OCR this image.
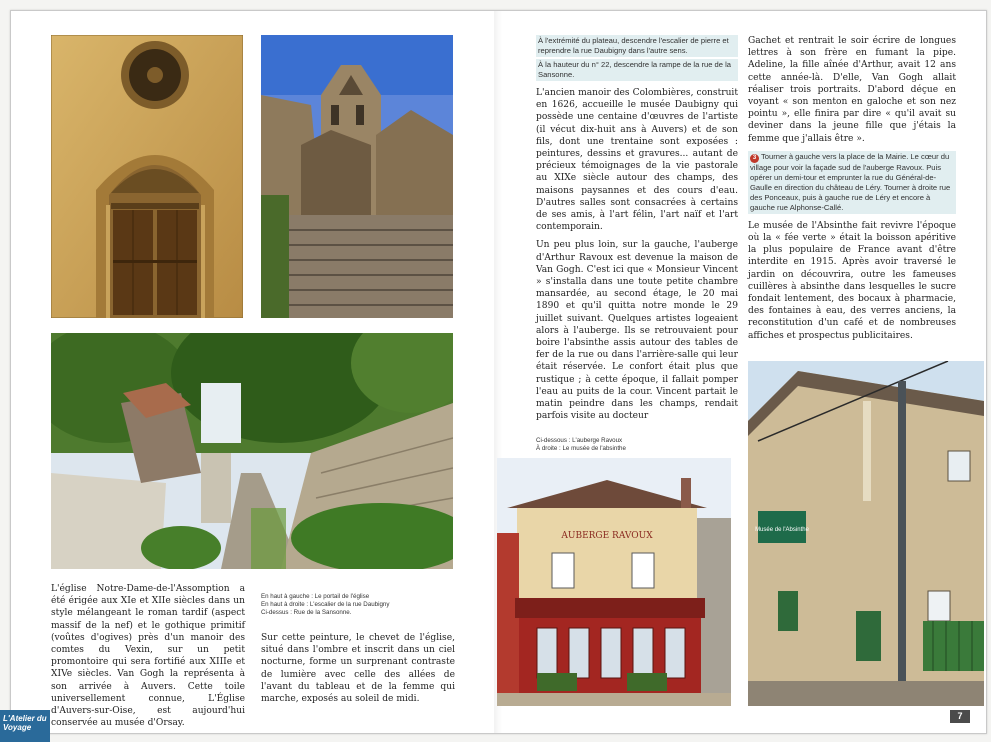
L'église Notre-Dame-de-l'Assomption a été érigée aux XIe et XIIe siècles dans un style mélangeant le roman tardif (aspect massif de la nef) et le gothique primitif (voûtes d'ogives) près d'un manoir des comtes du Vexin, sur un petit promontoire qui sera fortifié aux XIIIe et XIVe siècles. Van Gogh la représenta à son arrivée à Auvers. Cette toile universellement connue, L'Église d'Auvers-sur-Oise, est aujourd'hui conservée au musée d'Orsay.

En haut à gauche : Le portail de l'église
En haut à droite : L'escalier de la rue Daubigny
Ci-dessus : Rue de la Sansonne.

Sur cette peinture, le chevet de l'église, situé dans l'ombre et inscrit dans un ciel nocturne, forme un surprenant contraste de lumière avec celle des allées de l'avant du tableau et de la femme qui marche, exposés au soleil de midi.

À l'extrémité du plateau, descendre l'escalier de pierre et reprendre la rue Daubigny dans l'autre sens.

À la hauteur du n° 22, descendre la rampe de la rue de la Sansonne.

L'ancien manoir des Colombières, construit en 1626, accueille le musée Daubigny qui possède une centaine d'œuvres de l'artiste (il vécut dix-huit ans à Auvers) et de son fils, dont une trentaine sont exposées : peintures, dessins et gravures... autant de précieux témoignages de la vie pastorale au XIXe siècle autour des champs, des maisons paysannes et des cours d'eau. D'autres salles sont consacrées à certains de ses amis, à l'art félin, l'art naïf et l'art contemporain.

Un peu plus loin, sur la gauche, l'auberge d'Arthur Ravoux est devenue la maison de Van Gogh. C'est ici que « Monsieur Vincent » s'installa dans une toute petite chambre mansardée, au second étage, le 20 mai 1890 et qu'il quitta notre monde le 29 juillet suivant. Quelques artistes logeaient alors à l'auberge. Ils se retrouvaient pour boire l'absinthe assis autour des tables de fer de la rue ou dans l'arrière-salle qui leur était réservée. Le confort était plus que rustique ; à cette époque, il fallait pomper l'eau au puits de la cour. Vincent partait le matin peindre dans les champs, rendait parfois visite au docteur

Ci-dessous : L'auberge Ravoux
À droite : Le musée de l'absinthe

AUBERGE RAVOUX

Gachet et rentrait le soir écrire de longues lettres à son frère en fumant la pipe. Adeline, la fille aînée d'Arthur, avait 12 ans cette année-là. D'elle, Van Gogh allait réaliser trois portraits. D'abord déçue en voyant « son menton en galoche et son nez pointu », elle finira par dire « qu'il avait su deviner dans la jeune fille que j'étais la femme que j'allais être ».

3 Tourner à gauche vers la place de la Mairie. Le cœur du village pour voir la façade sud de l'auberge Ravoux. Puis opérer un demi-tour et emprunter la rue du Général-de-Gaulle en direction du château de Léry. Tourner à droite rue des Ponceaux, puis à gauche rue de Léry et encore à gauche rue Alphonse-Callé.

Le musée de l'Absinthe fait revivre l'époque où la « fée verte » était la boisson apéritive la plus populaire de France avant d'être interdite en 1915. Après avoir traversé le jardin on découvrira, outre les fameuses cuillères à absinthe dans lesquelles le sucre fondait lentement, des bocaux à pharmacie, des fontaines à eau, des verres anciens, la reconstitution d'un café et de nombreuses affiches et prospectus publicitaires.

Musée de l'Absinthe
7
L'Atelier du Voyage
